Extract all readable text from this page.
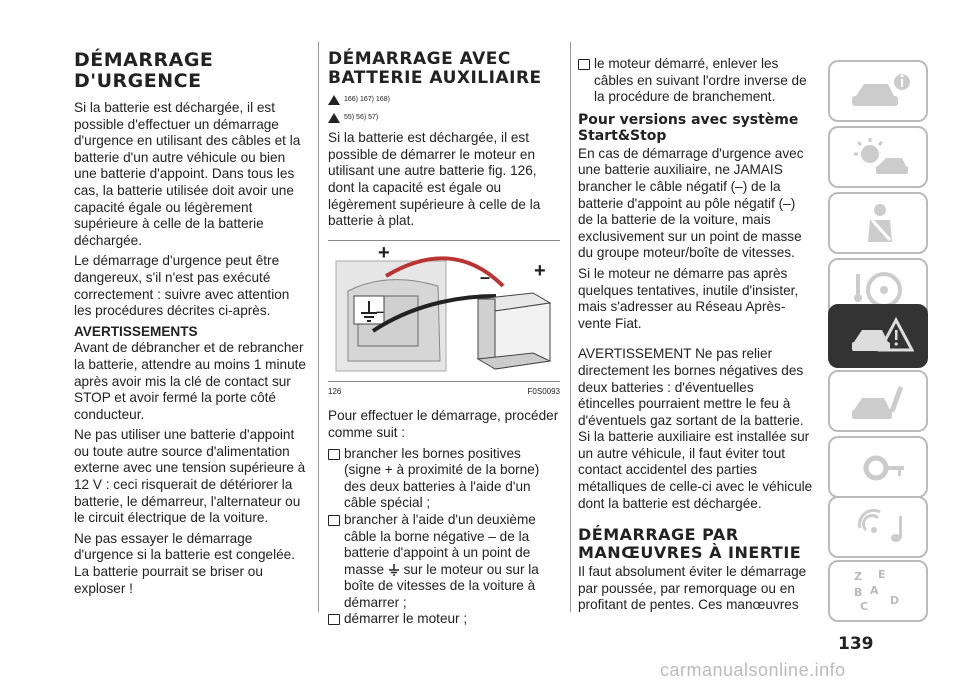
DÉMARRAGE D'URGENCE

Si la batterie est déchargée, il est possible d'effectuer un démarrage d'urgence en utilisant des câbles et la batterie d'un autre véhicule ou bien une batterie d'appoint. Dans tous les cas, la batterie utilisée doit avoir une capacité égale ou légèrement supérieure à celle de la batterie déchargée.

Le démarrage d'urgence peut être dangereux, s'il n'est pas exécuté correctement : suivre avec attention les procédures décrites ci-après.

AVERTISSEMENTS

Avant de débrancher et de rebrancher la batterie, attendre au moins 1 minute après avoir mis la clé de contact sur STOP et avoir fermé la porte côté conducteur.

Ne pas utiliser une batterie d'appoint ou toute autre source d'alimentation externe avec une tension supérieure à 12 V : ceci risquerait de détériorer la batterie, le démarreur, l'alternateur ou le circuit électrique de la voiture.

Ne pas essayer le démarrage d'urgence si la batterie est congelée. La batterie pourrait se briser ou exploser !

DÉMARRAGE AVEC BATTERIE AUXILIAIRE
166) 167) 168)
55) 56) 57)

Si la batterie est déchargée, il est possible de démarrer le moteur en utilisant une autre batterie fig. 126, dont la capacité est égale ou légèrement supérieure à celle de la batterie à plat.

+
–
– +
126	F0S0093

Pour effectuer le démarrage, procéder comme suit :

brancher les bornes positives (signe + à proximité de la borne) des deux batteries à l'aide d'un câble spécial ;
brancher à l'aide d'un deuxième câble la borne négative – de la batterie d'appoint à un point de masse sur le moteur ou sur la boîte de vitesses de la voiture à démarrer ;
démarrer le moteur ;
le moteur démarré, enlever les câbles en suivant l'ordre inverse de la procédure de branchement.
Pour versions avec système Start&Stop

En cas de démarrage d'urgence avec une batterie auxiliaire, ne JAMAIS brancher le câble négatif (–) de la batterie d'appoint au pôle négatif (–) de la batterie de la voiture, mais exclusivement sur un point de masse du groupe moteur/boîte de vitesses.

Si le moteur ne démarre pas après quelques tentatives, inutile d'insister, mais s'adresser au Réseau Après-vente Fiat.

AVERTISSEMENT Ne pas relier directement les bornes négatives des deux batteries : d'éventuelles étincelles pourraient mettre le feu à d'éventuels gaz sortant de la batterie. Si la batterie auxiliaire est installée sur un autre véhicule, il faut éviter tout contact accidentel des parties métalliques de celle-ci avec le véhicule dont la batterie est déchargée.

DÉMARRAGE PAR MANŒUVRES À INERTIE

Il faut absolument éviter le démarrage par poussée, par remorquage ou en profitant de pentes. Ces manœuvres

Z E
B A
C D
139
carmanualsonline.info
